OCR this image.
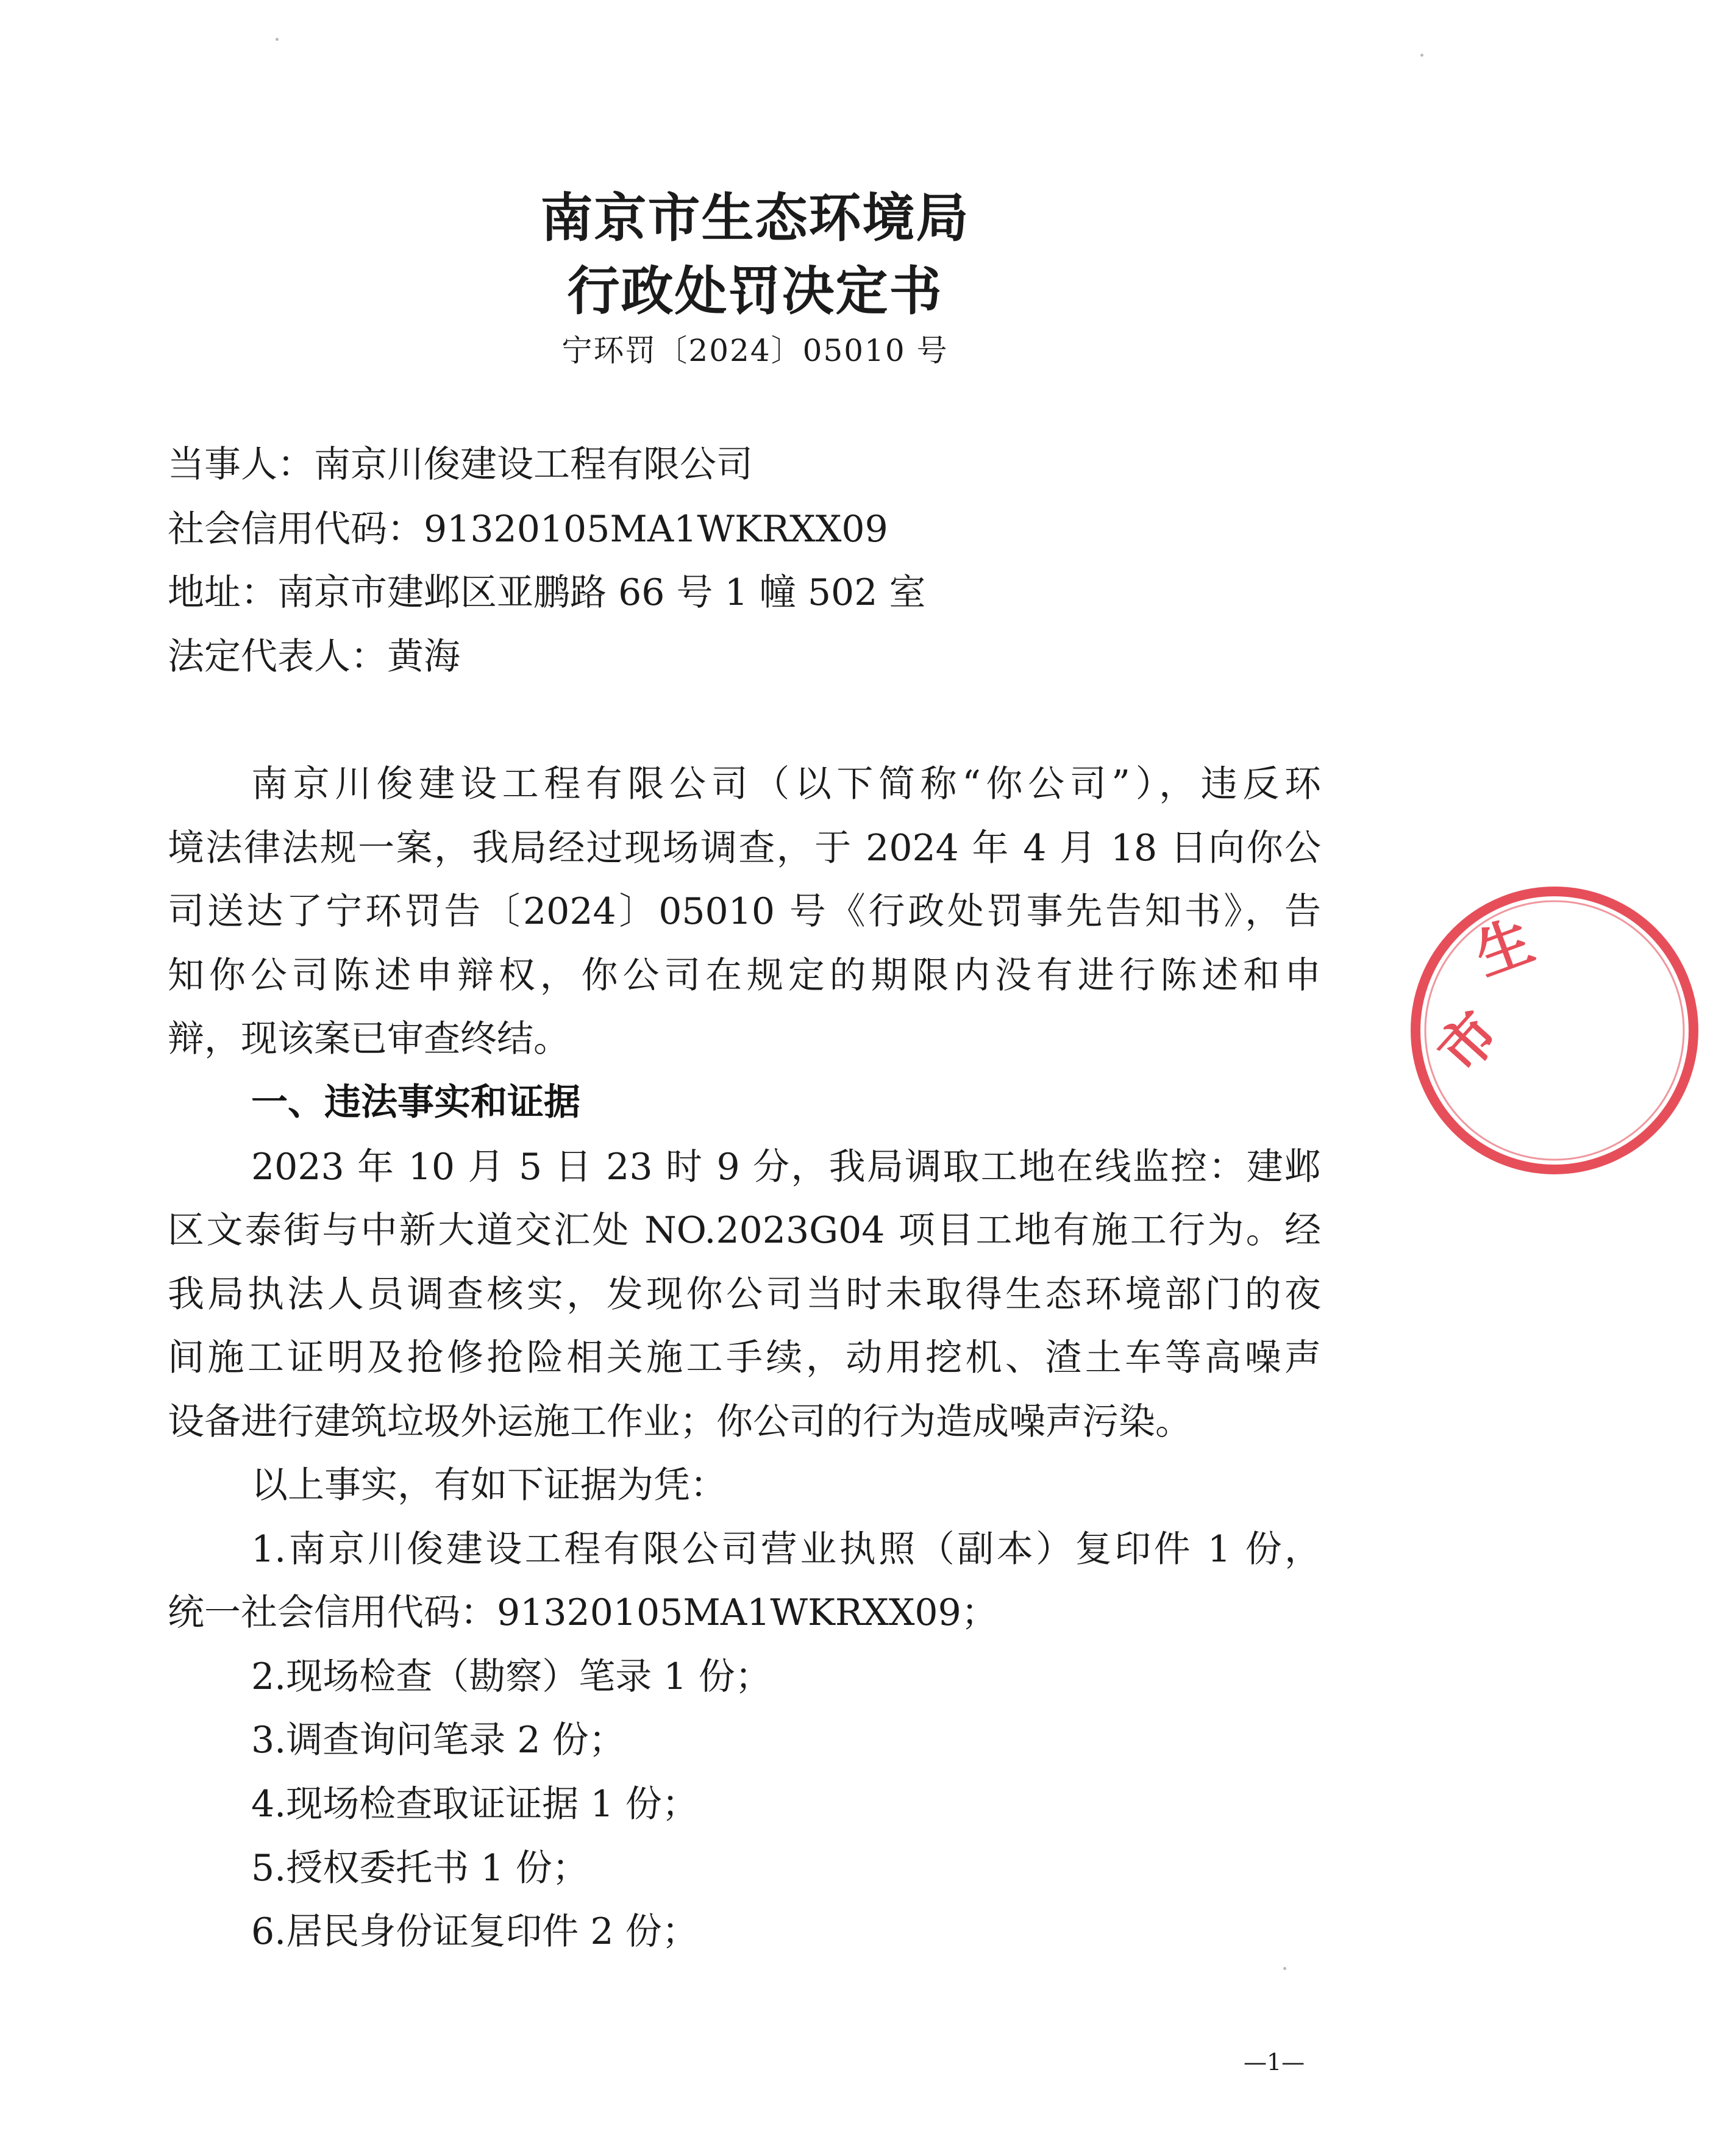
南京市生态环境局
行政处罚决定书
宁环罚〔2024〕05010 号
当事人：南京川俊建设工程有限公司
社会信用代码：91320105MA1WKRXX09
地址：南京市建邺区亚鹏路 66 号 1 幢 502 室
法定代表人：黄海
南京川俊建设工程有限公司（以下简称“你公司”），违反环
境法律法规一案，我局经过现场调查，于 2024 年 4 月 18 日向你公
司送达了宁环罚告〔2024〕05010 号《行政处罚事先告知书》，告
知你公司陈述申辩权，你公司在规定的期限内没有进行陈述和申
辩，现该案已审查终结。
一、违法事实和证据
2023 年 10 月 5 日 23 时 9 分，我局调取工地在线监控：建邺
区文泰街与中新大道交汇处 NO.2023G04 项目工地有施工行为。经
我局执法人员调查核实，发现你公司当时未取得生态环境部门的夜
间施工证明及抢修抢险相关施工手续，动用挖机、渣土车等高噪声
设备进行建筑垃圾外运施工作业；你公司的行为造成噪声污染。
以上事实，有如下证据为凭：
1.南京川俊建设工程有限公司营业执照（副本）复印件 1 份，
统一社会信用代码：91320105MA1WKRXX09；
2.现场检查（勘察）笔录 1 份；
3.调查询问笔录 2 份；
4.现场检查取证证据 1 份；
5.授权委托书 1 份；
6.居民身份证复印件 2 份；
市
生
—1—
